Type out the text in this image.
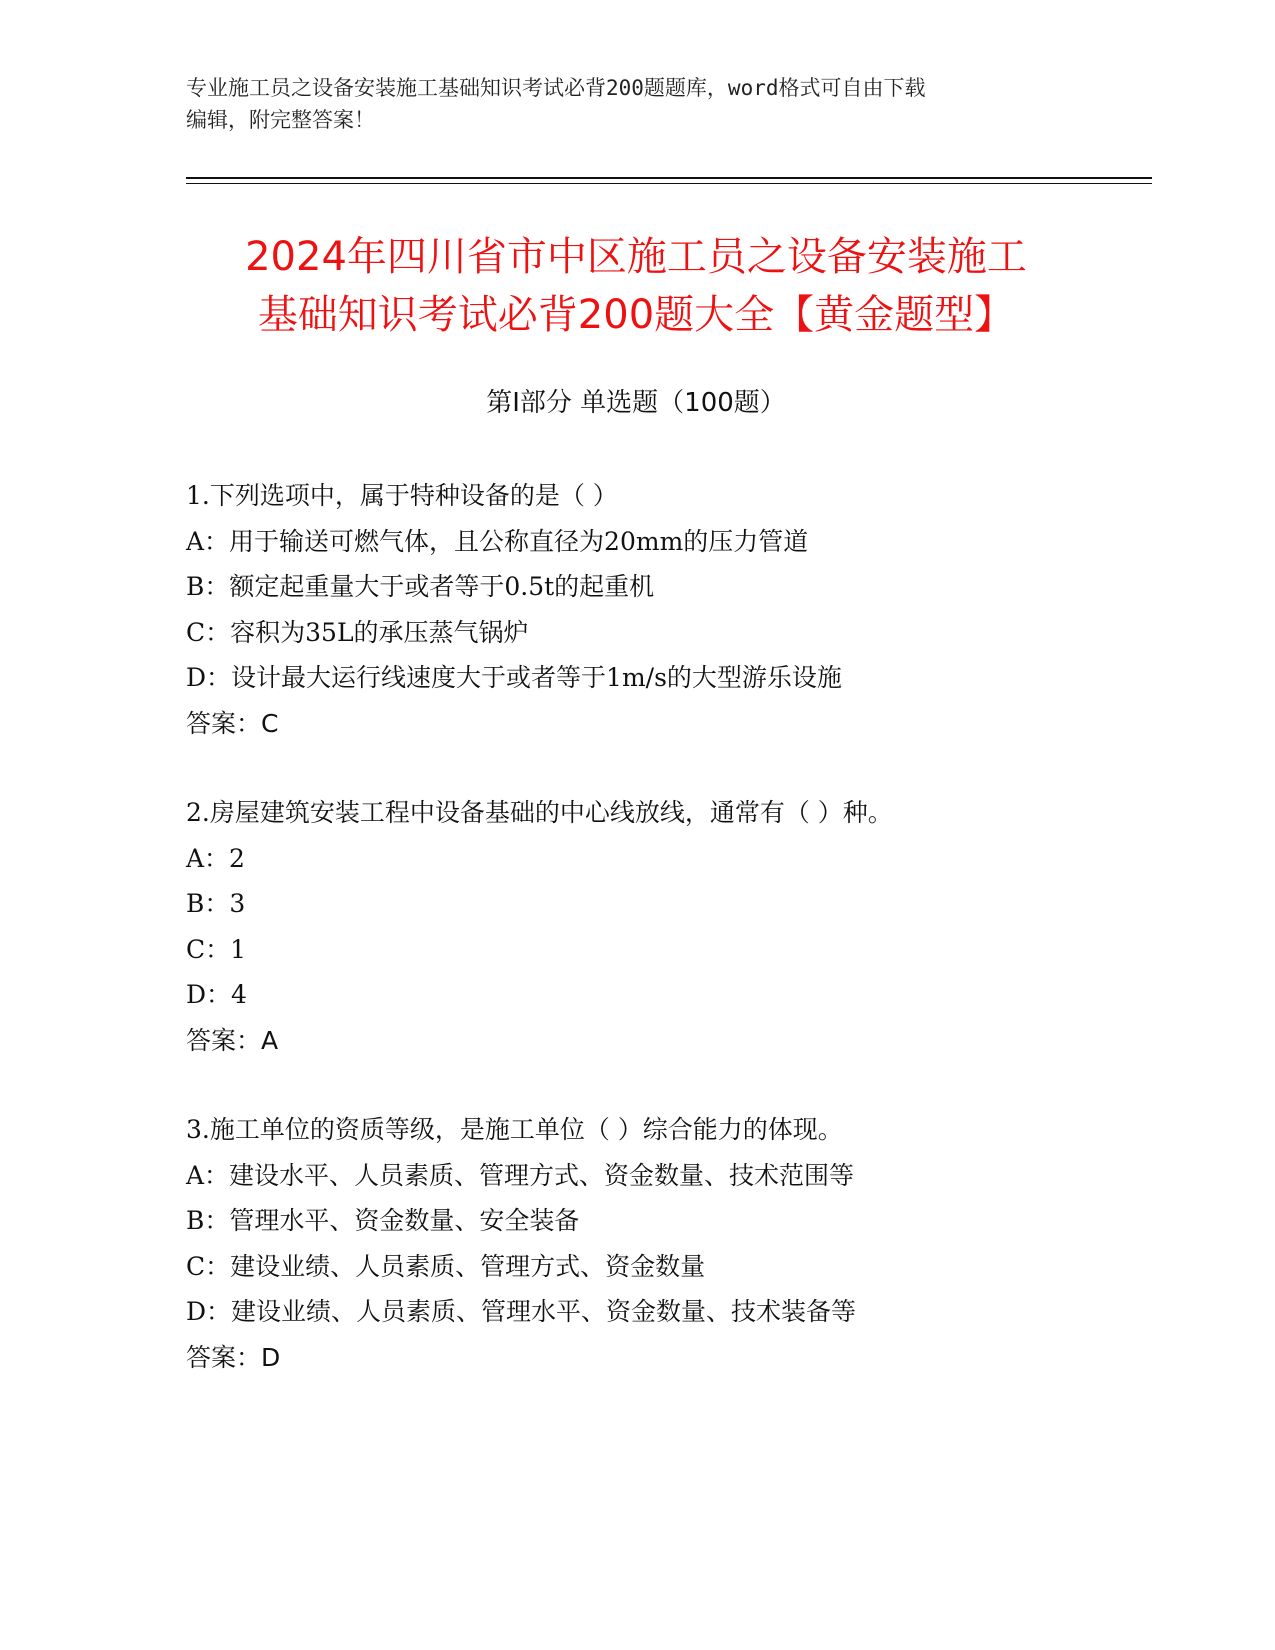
专业施工员之设备安装施工基础知识考试必背200题题库，word格式可自由下载
编辑，附完整答案！
2024年四川省市中区施工员之设备安装施工
基础知识考试必背200题大全【黄金题型】
第Ⅰ部分 单选题（100题）
1.下列选项中，属于特种设备的是（ ）
A：用于输送可燃气体，且公称直径为20mm的压力管道
B：额定起重量大于或者等于0.5t的起重机
C：容积为35L的承压蒸气锅炉
D：设计最大运行线速度大于或者等于1m/s的大型游乐设施
答案：C
2.房屋建筑安装工程中设备基础的中心线放线，通常有（ ）种。
A：2
B：3
C：1
D：4
答案：A
3.施工单位的资质等级，是施工单位（ ）综合能力的体现。
A：建设水平、人员素质、管理方式、资金数量、技术范围等
B：管理水平、资金数量、安全装备
C：建设业绩、人员素质、管理方式、资金数量
D：建设业绩、人员素质、管理水平、资金数量、技术装备等
答案：D
